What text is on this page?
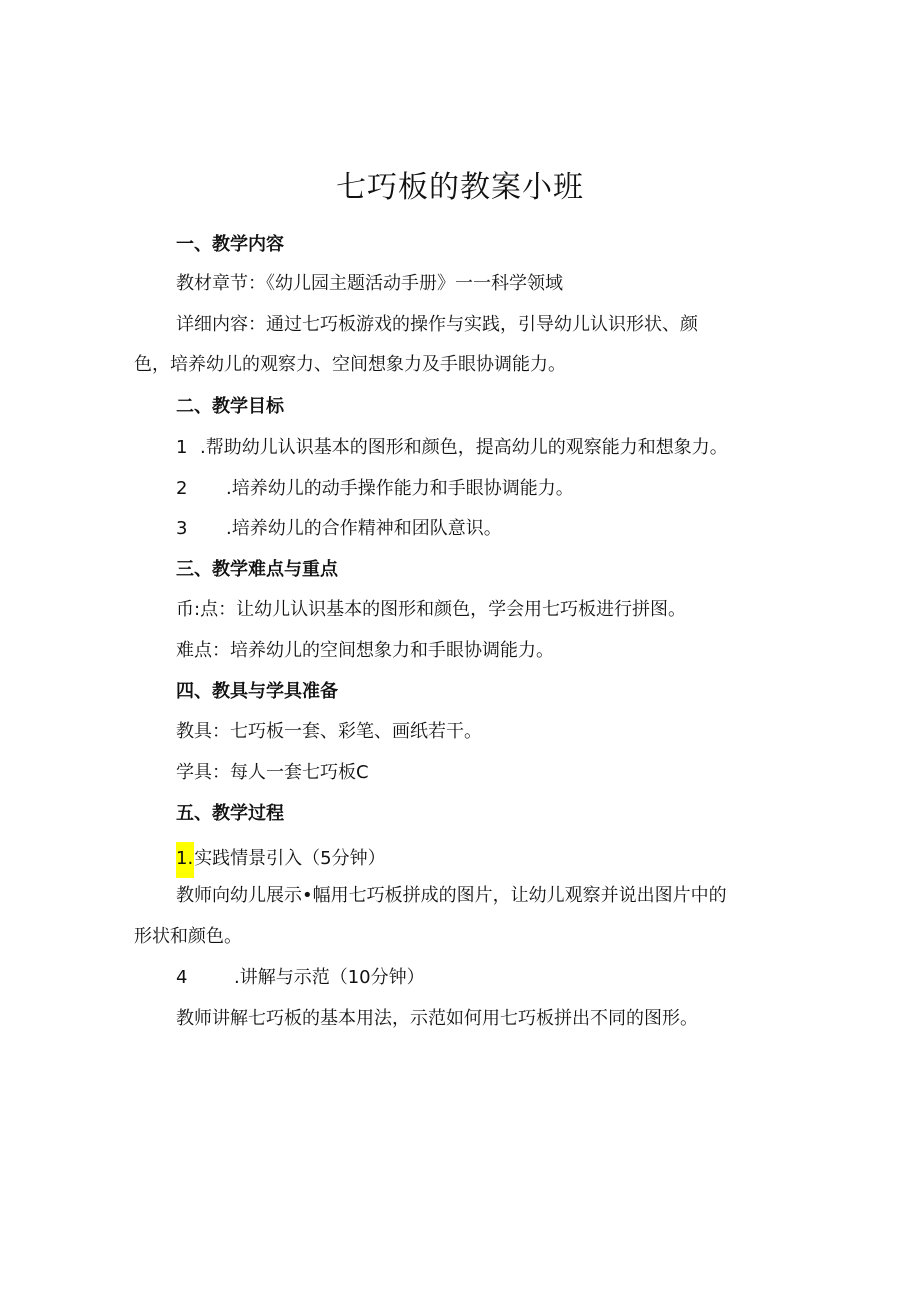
七巧板的教案小班

一、教学内容

教材章节：《幼儿园主题活动手册》一一科学领域

详细内容：通过七巧板游戏的操作与实践，引导幼儿认识形状、颜

色，培养幼儿的观察力、空间想象力及手眼协调能力。

二、教学目标

1 .帮助幼儿认识基本的图形和颜色，提高幼儿的观察能力和想象力。

2 .培养幼儿的动手操作能力和手眼协调能力。

3 .培养幼儿的合作精神和团队意识。

三、教学难点与重点

币:点：让幼儿认识基本的图形和颜色，学会用七巧板进行拼图。

难点：培养幼儿的空间想象力和手眼协调能力。

四、教具与学具准备

教具：七巧板一套、彩笔、画纸若干。

学具：每人一套七巧板C

五、教学过程

1.实践情景引入（5分钟）

教师向幼儿展示•幅用七巧板拼成的图片，让幼儿观察并说出图片中的

形状和颜色。

4	.讲解与示范（10分钟）

教师讲解七巧板的基本用法，示范如何用七巧板拼出不同的图形。
